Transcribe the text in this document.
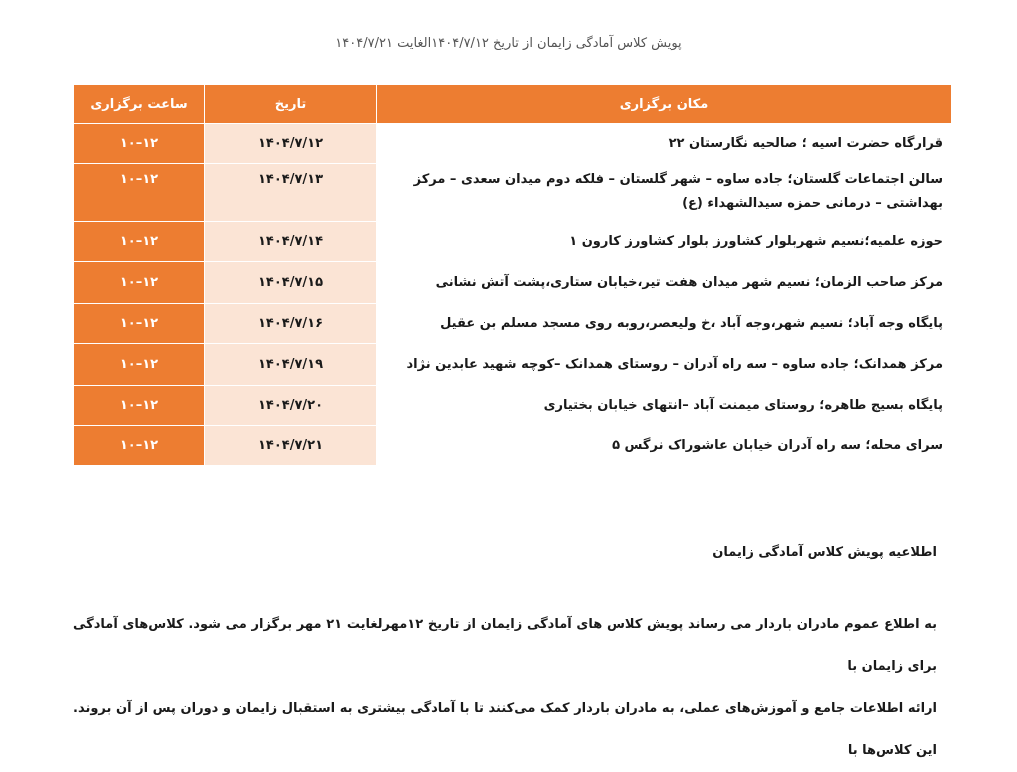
پویش کلاس آمادگی زایمان از تاریخ ۱۴۰۴/۷/۱۲الغایت ۱۴۰۴/۷/۲۱
مکان برگزاری	تاریخ	ساعت برگزاری
قرارگاه حضرت اسیه ؛ صالحیه نگارستان ۲۲	۱۴۰۴/۷/۱۲	۱۲–۱۰
سالن اجتماعات گلستان؛ جاده ساوه – شهر گلستان – فلکه دوم میدان سعدی – مرکز بهداشتی – درمانی حمزه سیدالشهداء (ع)	۱۴۰۴/۷/۱۳	۱۲–۱۰
حوزه علمیه؛نسیم شهربلوار کشاورز بلوار کشاورز کارون ۱	۱۴۰۴/۷/۱۴	۱۲–۱۰
مرکز صاحب الزمان؛ نسیم شهر میدان هفت تیر،خیابان ستاری،پشت آتش نشانی	۱۴۰۴/۷/۱۵	۱۲–۱۰
پایگاه وجه آباد؛ نسیم شهر،وجه آباد ،خ ولیعصر،روبه روی مسجد مسلم بن عقیل	۱۴۰۴/۷/۱۶	۱۲–۱۰
مرکز همدانک؛ جاده ساوه – سه راه آدران – روستای همدانک –کوچه شهید عابدین نژاد	۱۴۰۴/۷/۱۹	۱۲–۱۰
پایگاه بسیج طاهره؛ روستای میمنت آباد –انتهای خیابان بختیاری	۱۴۰۴/۷/۲۰	۱۲–۱۰
سرای محله؛ سه راه آدران خیابان عاشوراک نرگس ۵	۱۴۰۴/۷/۲۱	۱۲–۱۰
اطلاعیه پویش کلاس آمادگی زایمان
به اطلاع عموم مادران باردار می رساند پویش کلاس های آمادگی زایمان از تاریخ ۱۲مهرلغایت ۲۱ مهر برگزار می شود. کلاس‌های آمادگی برای زایمان با
ارائه اطلاعات جامع و آموزش‌های عملی، به مادران باردار کمک می‌کنند تا با آمادگی بیشتری به استقبال زایمان و دوران پس از آن بروند. این کلاس‌ها با
